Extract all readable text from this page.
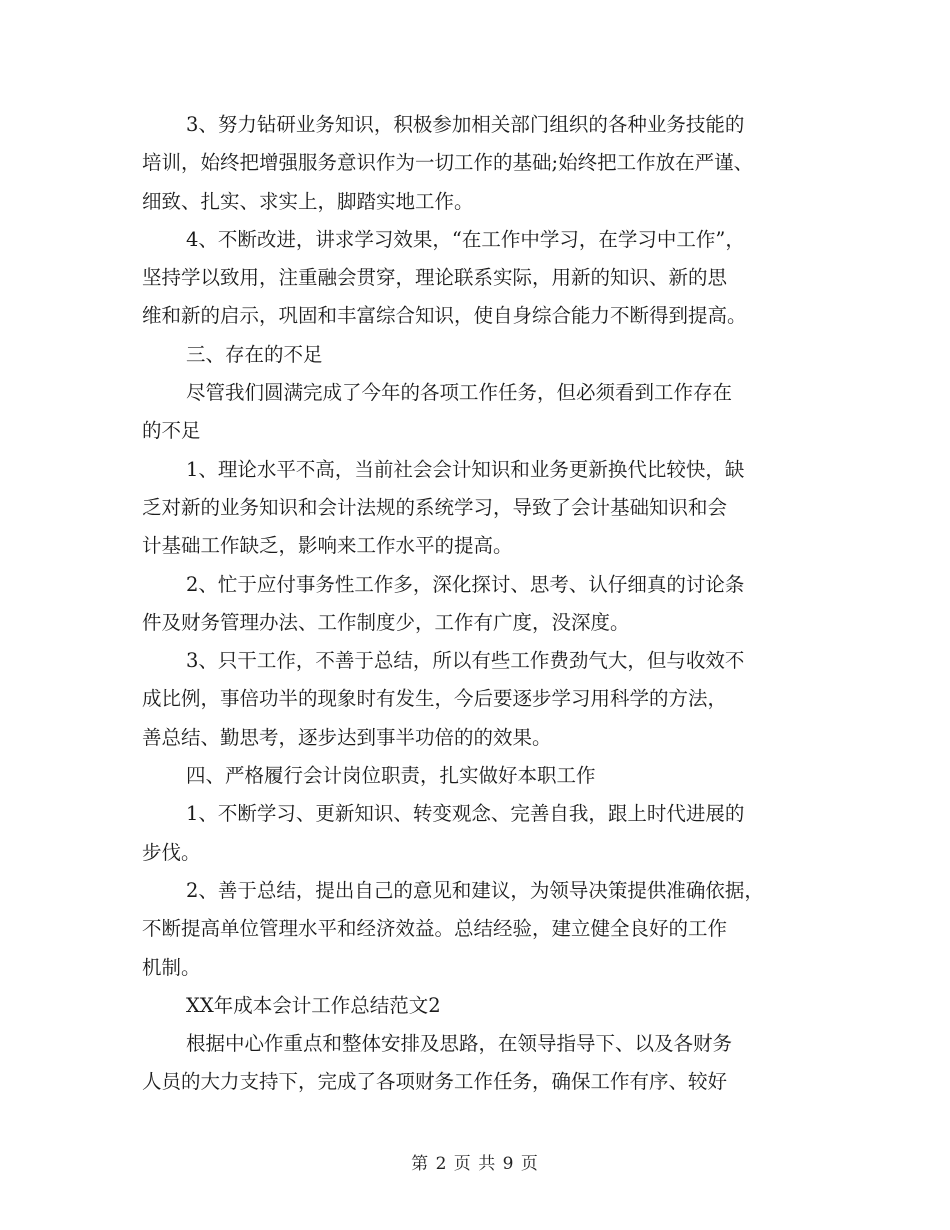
3、努力钻研业务知识，积极参加相关部门组织的各种业务技能的
培训，始终把增强服务意识作为一切工作的基础;始终把工作放在严谨、
细致、扎实、求实上，脚踏实地工作。
4、不断改进，讲求学习效果，“在工作中学习，在学习中工作”，
坚持学以致用，注重融会贯穿，理论联系实际，用新的知识、新的思
维和新的启示，巩固和丰富综合知识，使自身综合能力不断得到提高。
三、存在的不足
尽管我们圆满完成了今年的各项工作任务，但必须看到工作存在
的不足
1、理论水平不高，当前社会会计知识和业务更新换代比较快，缺
乏对新的业务知识和会计法规的系统学习，导致了会计基础知识和会
计基础工作缺乏，影响来工作水平的提高。
2、忙于应付事务性工作多，深化探讨、思考、认仔细真的讨论条
件及财务管理办法、工作制度少，工作有广度，没深度。
3、只干工作，不善于总结，所以有些工作费劲气大，但与收效不
成比例，事倍功半的现象时有发生，今后要逐步学习用科学的方法，
善总结、勤思考，逐步达到事半功倍的的效果。
四、严格履行会计岗位职责，扎实做好本职工作
1、不断学习、更新知识、转变观念、完善自我，跟上时代进展的
步伐。
2、善于总结，提出自己的意见和建议，为领导决策提供准确依据，
不断提高单位管理水平和经济效益。总结经验，建立健全良好的工作
机制。
XX年成本会计工作总结范文2
根据中心作重点和整体安排及思路，在领导指导下、以及各财务
人员的大力支持下，完成了各项财务工作任务，确保工作有序、较好
第 2 页 共 9 页
